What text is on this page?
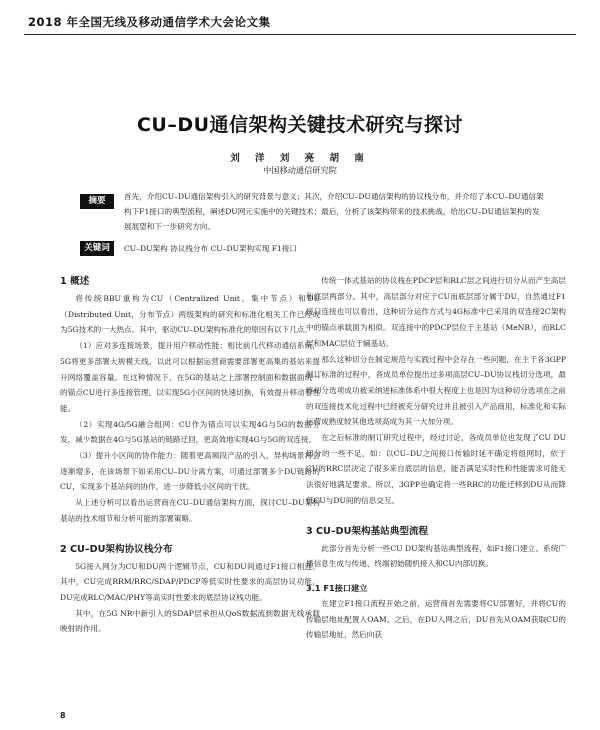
2018 年全国无线及移动通信学术大会论文集
CU–DU通信架构关键技术研究与探讨
刘 洋 刘 亮 胡 南
中国移动通信研究院
摘要	首先，介绍CU–DU通信架构引入的研究背景与意义；其次，介绍CU–DU通信架构的协议栈分布，并介绍了本CU–DU通信架构下F1接口的典型流程，阐述DU网元实施中的关键技术；最后，分析了该架构带来的技术挑战，给出CU–DU通信架构的发展展望和下一步研究方向。
关键词	CU–DU架构 协议栈分布 CU–DU架构实现 F1接口

1 概述

将传统BBU重构为CU（Centralized Unit，集中节点）和DU（Distributed Unit，分布节点）两级架构的研究和标准化相关工作已经成为5G技术的一大热点。其中，驱动CU–DU架构标准化的原因有以下几点。

（1）应对多连接场景，提升用户移动性能：相比前几代移动通信系统，5G将更多部署大规模天线，以此可以根据运营商需要部署更高集的基站来提升网络覆盖容量。在这种情况下，在5G的基站之上部署控制面和数据面统一的锚点CU进行多连接管理，以实现5G小区间的快速切换，有效提升移动着性能。

（2）实现4G/5G融合组网：CU作为锚点可以实现4G与5G的数据分发，减少数据在4G与5G基站的链路迂回，更高效地实现4G与5G的双连接。

（3）提升小区间的协作能力：随着更高频段产品的引入，异构场景将会逐渐增多，在该场景下如采用CU–DU分离方案，可通过部署多个DU链路的CU，实现多个基站间的协作，进一步降低小区间的干扰。

从上述分析可以看出运营商在CU–DU通信架构方面，探讨CU–DU架构基站的技术细节和分析可能的部署策略。

2 CU–DU架构协议栈分布

5G接入网分为CU和DU两个逻辑节点，CU和DU间通过F1接口相连。其中，CU完成RRM/RRC/SDAP/PDCP等低实时性要求的高层协议功能，DU完成RLC/MAC/PHY等高实时性要求的底层协议栈功能。

其中，在5G NR中新引入的SDAP层承担从QoS数据流到数据无线承载映射的作用。

传统一体式基站的协议栈在PDCP层和RLC层之间进行切分从而产生高层和底层两部分。其中，高层部分对应于CU而底层部分属于DU，自然通过F1接口连接也可以看出，这种切分运作方式与4G标准中已采用的双连接2C架构中的锚点承载面为相似。双连接中的PDCP层位于主基站（MeNB），而RLC层和MAC层位于辅基站。

那么这种切分在制定规范与实践过程中会存在一些问题，在主干各3GPP制订标准的过程中，各成员单位提出过多项高层CU–DU协议栈切分选项，最终切分选项成功被采纳进标准体系中很大程度上也是因为这种切分选项在之前的双连接技术化过程中已经被充分研究过并且被引入产品商用，标准化和实际运营成熟度较其他选项高成为其一大加分项。

在之后标准的制订研究过程中，经过讨论，各成员单位也发现了CU DU切分的一些不足，如：以CU–DU之间接口传输时延不确定将组网时，依于CU的RRC层决定了很多来自底层的信息，能否满足实时性和性能需求可能无法很好地满足要求。所以，3GPP也确定将一些RRC的功能迁移到DU从而降低CU与DU间的信息交互。

3 CU–DU架构基站典型流程

此部分首先分析一些CU DU架构基站典型流程，如F1接口建立、系统广播信息生成与传递、终端初始随机接入和CU内部切换。

3.1 F1接口建立

在建立F1接口流程开始之前，运营商首先需要将CU部署好，并将CU的传输层地址配置入OAM。之后，在DU入网之后，DU首先从OAM获取CU的传输层地址，然后向获

8
